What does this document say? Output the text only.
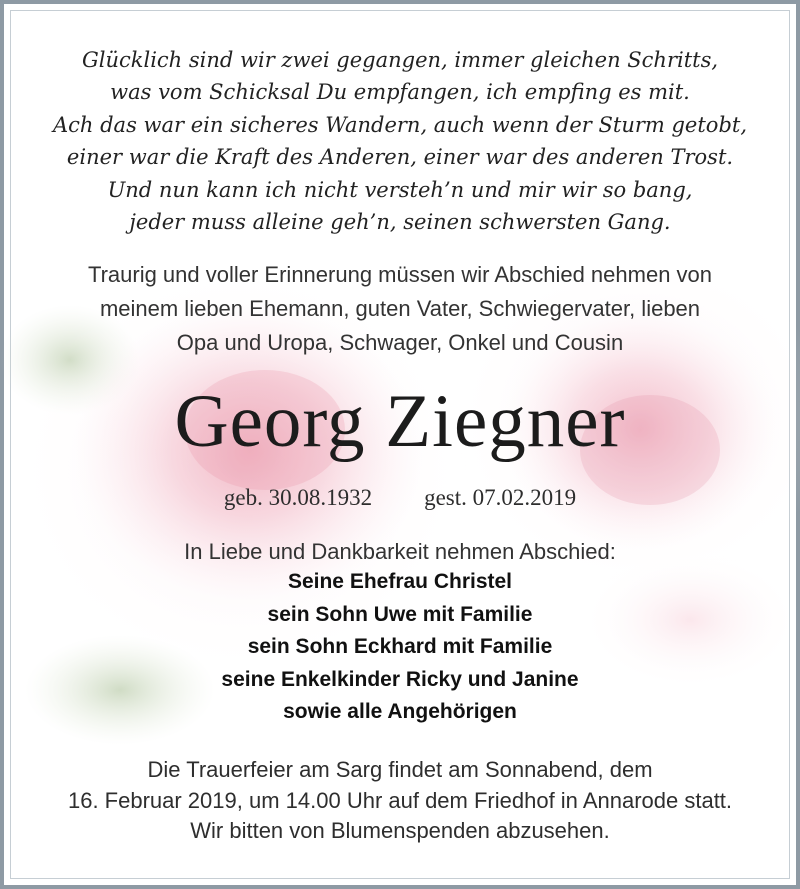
Glücklich sind wir zwei gegangen, immer gleichen Schritts,
was vom Schicksal Du empfangen, ich empfing es mit.
Ach das war ein sicheres Wandern, auch wenn der Sturm getobt,
einer war die Kraft des Anderen, einer war des anderen Trost.
Und nun kann ich nicht versteh’n und mir wir so bang,
jeder muss alleine geh’n, seinen schwersten Gang.
Traurig und voller Erinnerung müssen wir Abschied nehmen von
meinem lieben Ehemann, guten Vater, Schwiegervater, lieben
Opa und Uropa, Schwager, Onkel und Cousin
Georg Ziegner
geb. 30.08.1932 gest. 07.02.2019
In Liebe und Dankbarkeit nehmen Abschied:
Seine Ehefrau Christel
sein Sohn Uwe mit Familie
sein Sohn Eckhard mit Familie
seine Enkelkinder Ricky und Janine
sowie alle Angehörigen
Die Trauerfeier am Sarg findet am Sonnabend, dem
16. Februar 2019, um 14.00 Uhr auf dem Friedhof in Annarode statt.
Wir bitten von Blumenspenden abzusehen.
